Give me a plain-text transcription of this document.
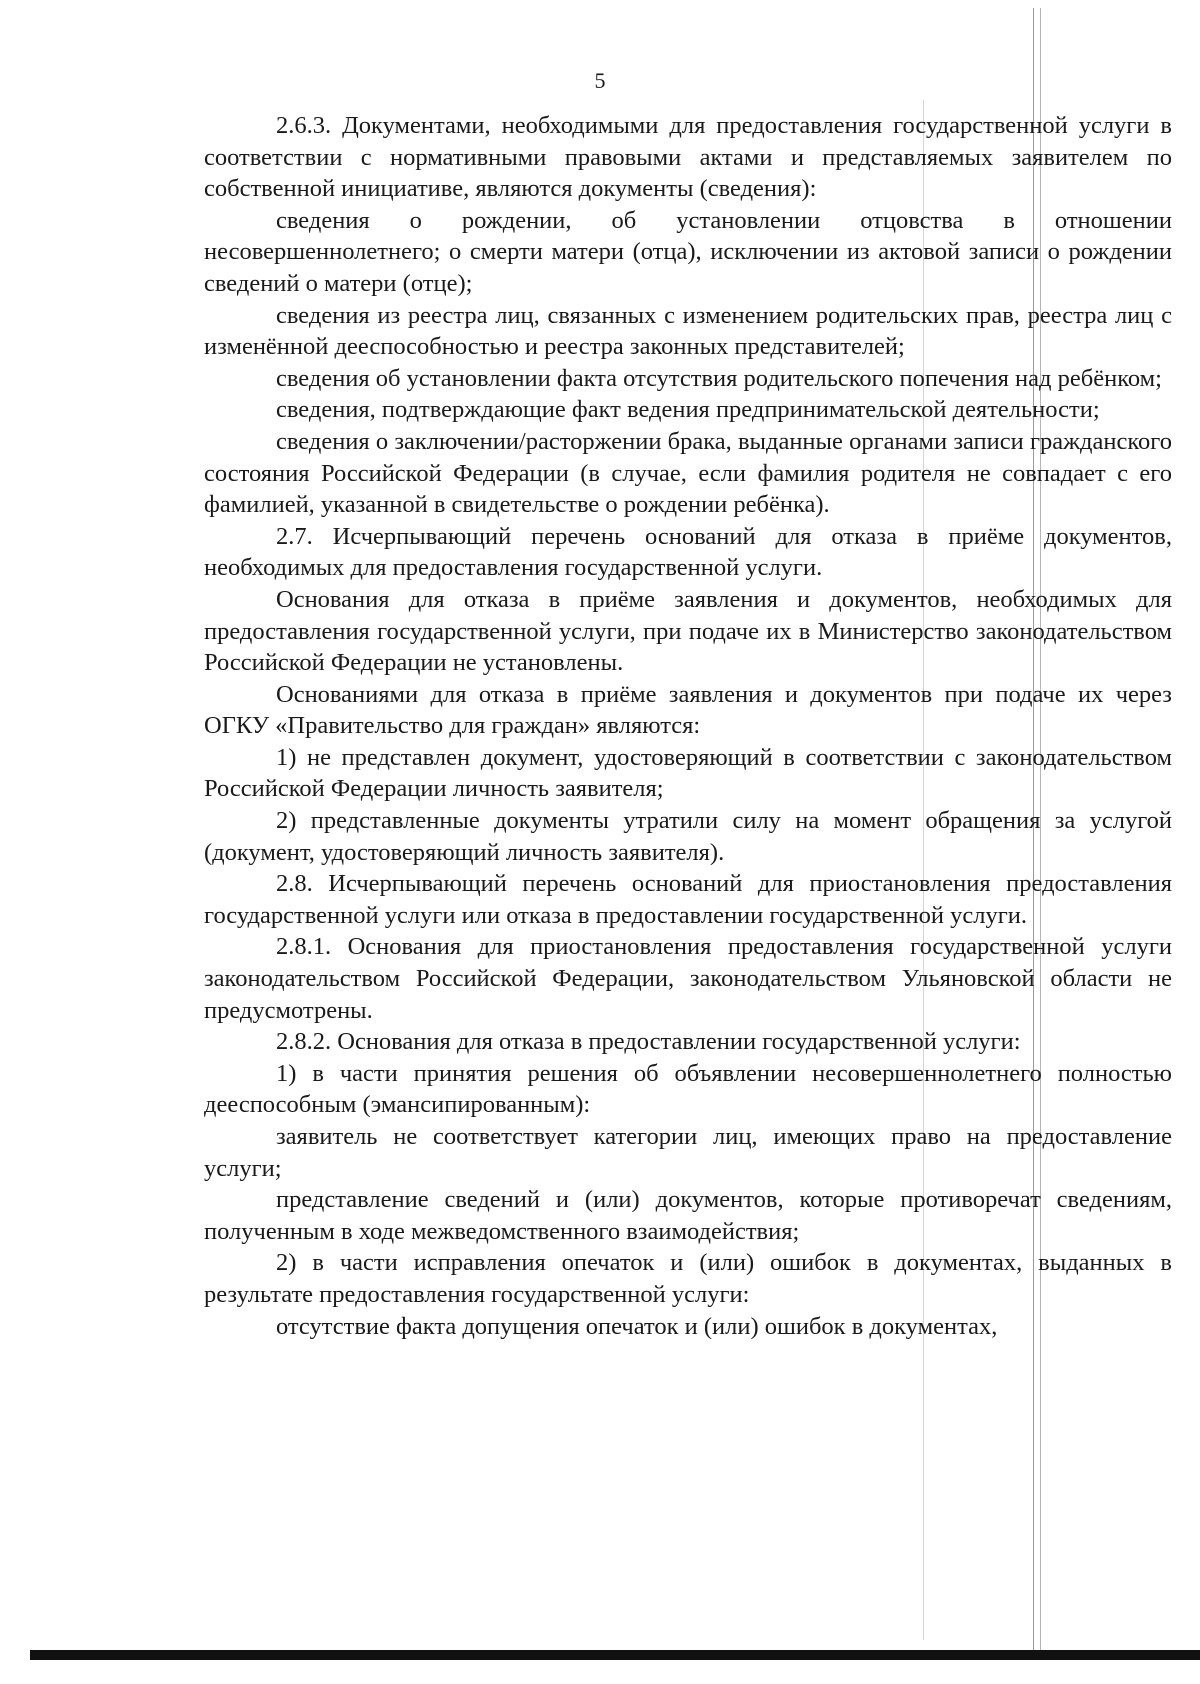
5

2.6.3. Документами, необходимыми для предоставления государственной услуги в соответствии с нормативными правовыми актами и представляемых заявителем по собственной инициативе, являются документы (сведения):

сведения о рождении, об установлении отцовства в отношении несовершеннолетнего; о смерти матери (отца), исключении из актовой записи о рождении сведений о матери (отце);

сведения из реестра лиц, связанных с изменением родительских прав, реестра лиц с изменённой дееспособностью и реестра законных представителей;

сведения об установлении факта отсутствия родительского попечения над ребёнком;

сведения, подтверждающие факт ведения предпринимательской деятельности;

сведения о заключении/расторжении брака, выданные органами записи гражданского состояния Российской Федерации (в случае, если фамилия родителя не совпадает с его фамилией, указанной в свидетельстве о рождении ребёнка).

2.7. Исчерпывающий перечень оснований для отказа в приёме документов, необходимых для предоставления государственной услуги.

Основания для отказа в приёме заявления и документов, необходимых для предоставления государственной услуги, при подаче их в Министерство законодательством Российской Федерации не установлены.

Основаниями для отказа в приёме заявления и документов при подаче их через ОГКУ «Правительство для граждан» являются:

1) не представлен документ, удостоверяющий в соответствии с законодательством Российской Федерации личность заявителя;

2) представленные документы утратили силу на момент обращения за услугой (документ, удостоверяющий личность заявителя).

2.8. Исчерпывающий перечень оснований для приостановления предоставления государственной услуги или отказа в предоставлении государственной услуги.

2.8.1. Основания для приостановления предоставления государственной услуги законодательством Российской Федерации, законодательством Ульяновской области не предусмотрены.

2.8.2. Основания для отказа в предоставлении государственной услуги:

1) в части принятия решения об объявлении несовершеннолетнего полностью дееспособным (эмансипированным):

заявитель не соответствует категории лиц, имеющих право на предоставление услуги;

представление сведений и (или) документов, которые противоречат сведениям, полученным в ходе межведомственного взаимодействия;

2) в части исправления опечаток и (или) ошибок в документах, выданных в результате предоставления государственной услуги:

отсутствие факта допущения опечаток и (или) ошибок в документах,
